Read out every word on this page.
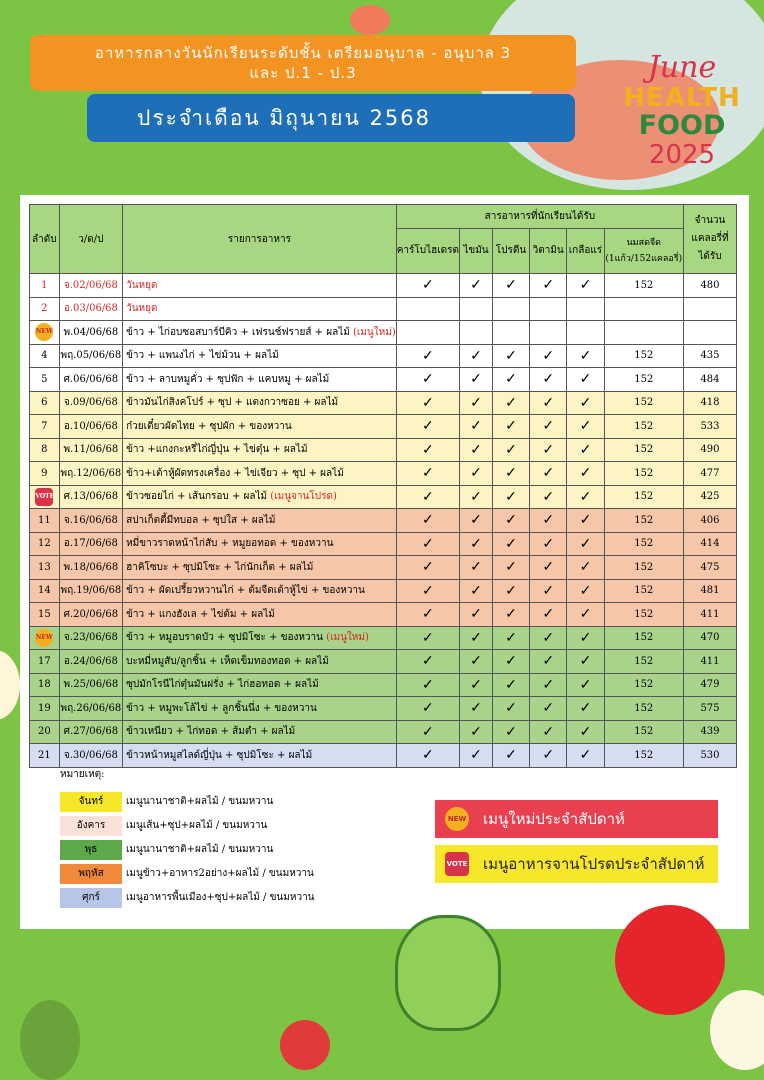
อาหารกลางวันนักเรียนระดับชั้น เตรียมอนุบาล - อนุบาล 3
และ ป.1 - ป.3
ประจำเดือน มิถุนายน 2568
June
HEALTH
FOOD
2025
ลำดับ	ว/ด/ป	รายการอาหาร	สารอาหารที่นักเรียนได้รับ						จำนวนแคลอรี่ที่ได้รับ
			คาร์โบไฮเดรต	ไขมัน	โปรตีน	วิตามิน	เกลือแร่	นมสดจืด (1แก้ว/152แคลอรี่)	
1	จ.02/06/68	วันหยุด	✓	✓	✓	✓	✓	152	480
2	อ.03/06/68	วันหยุด							
NEW	พ.04/06/68	ข้าว + ไก่อบซอสบาร์บีคิว + เฟรนช์ฟรายส์ + ผลไม้ (เมนูใหม่)							
4	พฤ.05/06/68	ข้าว + แพนงไก่ + ไข่ม้วน + ผลไม้	✓	✓	✓	✓	✓	152	435
5	ศ.06/06/68	ข้าว + ลาบหมูคั่ว + ซุปฟัก + แคบหมู + ผลไม้	✓	✓	✓	✓	✓	152	484
6	จ.09/06/68	ข้าวมันไก่สิงคโปร์ + ซุป + แตงกวาซอย + ผลไม้	✓	✓	✓	✓	✓	152	418
7	อ.10/06/68	ก๋วยเตี๋ยวผัดไทย + ซุปผัก + ของหวาน	✓	✓	✓	✓	✓	152	533
8	พ.11/06/68	ข้าว +แกงกะหรี่ไก่ญี่ปุ่น + ไข่ตุ๋น + ผลไม้	✓	✓	✓	✓	✓	152	490
9	พฤ.12/06/68	ข้าว+เต้าหู้ผัดทรงเครื่อง + ไข่เจียว + ซุป + ผลไม้	✓	✓	✓	✓	✓	152	477
VOTE	ศ.13/06/68	ข้าวซอยไก่ + เส้นกรอบ + ผลไม้ (เมนูจานโปรด)	✓	✓	✓	✓	✓	152	425
11	จ.16/06/68	สปาเก็ตตี้มีทบอล + ซุปใส + ผลไม้	✓	✓	✓	✓	✓	152	406
12	อ.17/06/68	หมี่ขาวราดหน้าไก่สับ + หมูยอทอด + ของหวาน	✓	✓	✓	✓	✓	152	414
13	พ.18/06/68	ฮาคิโซบะ + ซุปมิโซะ + ไก่นักเก็ต + ผลไม้	✓	✓	✓	✓	✓	152	475
14	พฤ.19/06/68	ข้าว + ผัดเปรี้ยวหวานไก่ + ต้มจืดเต้าหู้ไข่ + ของหวาน	✓	✓	✓	✓	✓	152	481
15	ศ.20/06/68	ข้าว + แกงฮังเล + ไข่ต้ม + ผลไม้	✓	✓	✓	✓	✓	152	411
NEW	จ.23/06/68	ข้าว + หมูอบราดบัว + ซุปมิโซะ + ของหวาน (เมนูใหม่)	✓	✓	✓	✓	✓	152	470
17	อ.24/06/68	บะหมี่หมูสับ/ลูกชิ้น + เห็ดเข็มทองทอด + ผลไม้	✓	✓	✓	✓	✓	152	411
18	พ.25/06/68	ซุปมักโรนีไก่ตุ๋นมันฝรั่ง + ไก่ฮอทอด + ผลไม้	✓	✓	✓	✓	✓	152	479
19	พฤ.26/06/68	ข้าว + หมูพะโล้ไข่ + ลูกชิ้นนึ่ง + ของหวาน	✓	✓	✓	✓	✓	152	575
20	ศ.27/06/68	ข้าวเหนียว + ไก่ทอด + ส้มตำ + ผลไม้	✓	✓	✓	✓	✓	152	439
21	จ.30/06/68	ข้าวหน้าหมูสไลด์ญี่ปุ่น + ซุปมิโซะ + ผลไม้	✓	✓	✓	✓	✓	152	530
หมายเหตุ:
จันทร์	เมนูนานาชาติ+ผลไม้ / ขนมหวาน
อังคาร	เมนูเส้น+ซุป+ผลไม้ / ขนมหวาน
พุธ	เมนูนานาชาติ+ผลไม้ / ขนมหวาน
พฤหัส	เมนูข้าว+อาหาร2อย่าง+ผลไม้ / ขนมหวาน
ศุกร์	เมนูอาหารพื้นเมือง+ซุป+ผลไม้ / ขนมหวาน
NEW เมนูใหม่ประจำสัปดาห์
VOTE เมนูอาหารจานโปรดประจำสัปดาห์
